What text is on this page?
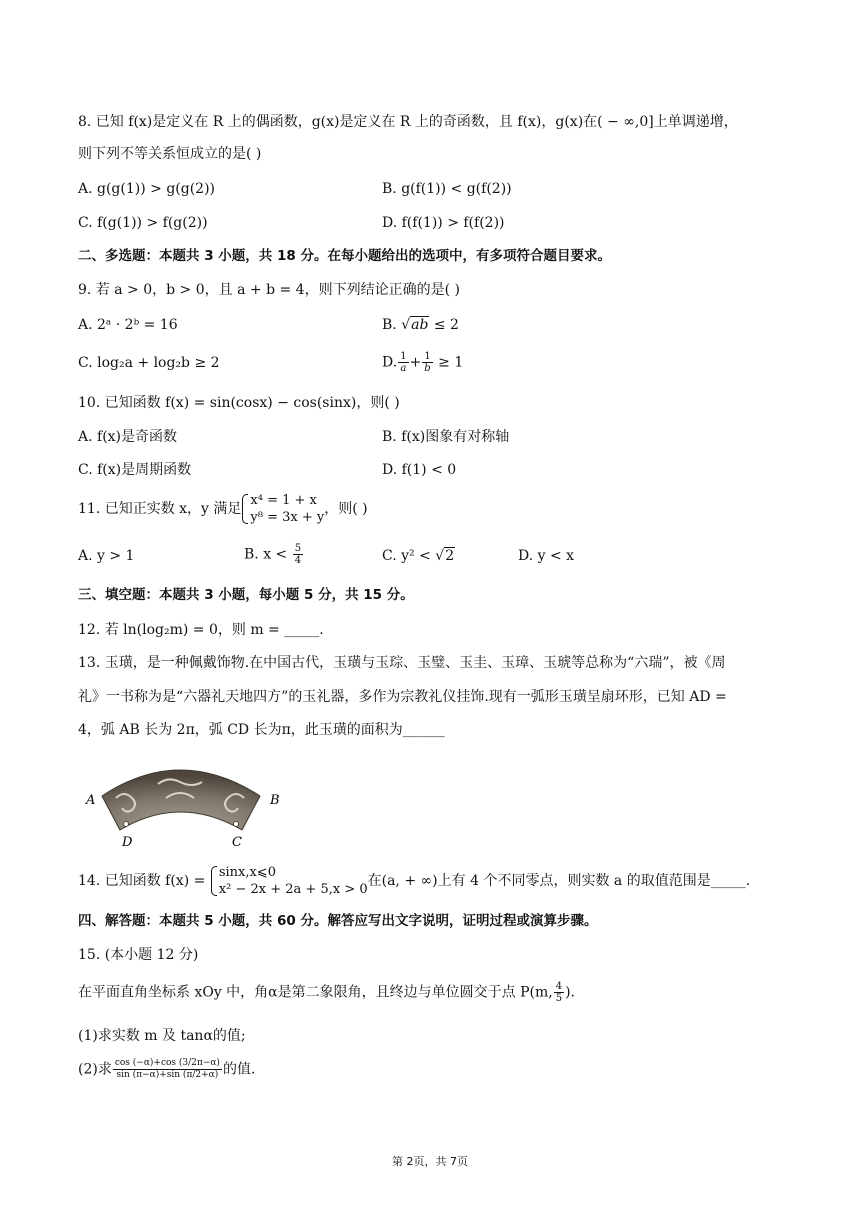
8. 已知 f(x)是定义在 R 上的偶函数，g(x)是定义在 R 上的奇函数，且 f(x)，g(x)在( − ∞,0]上单调递增，
则下列不等关系恒成立的是( )
A. g(g(1)) > g(g(2))	B. g(f(1)) < g(f(2))
C. f(g(1)) > f(g(2))	D. f(f(1)) > f(f(2))
二、多选题：本题共 3 小题，共 18 分。在每小题给出的选项中，有多项符合题目要求。
9. 若 a > 0，b > 0，且 a + b = 4，则下列结论正确的是( )
A. 2ᵃ · 2ᵇ = 16	B. √ab ≤ 2
C. log₂a + log₂b ≥ 2	D. $\frac{1}{a} + \frac{1}{b} \ge 1$
10. 已知函数 f(x) = sin(cosx) − cos(sinx)，则( )
A. f(x)是奇函数	B. f(x)图象有对称轴
C. f(x)是周期函数	D. f(1) < 0
11. 已知正实数 x，y 满足
x⁴ = 1 + x
y⁸ = 3x + y
，则( )
A. y > 1	B. $x < \frac{5}{4}$	C. y² < √2	D. y < x
三、填空题：本题共 3 小题，每小题 5 分，共 15 分。
12. 若 ln(log₂m) = 0，则 m = _____.
13. 玉璜，是一种佩戴饰物.在中国古代，玉璜与玉琮、玉璧、玉圭、玉璋、玉琥等总称为“六瑞”，被《周
礼》一书称为是“六器礼天地四方”的玉礼器，多作为宗教礼仪挂饰.现有一弧形玉璜呈扇环形，已知 AD =
4，弧 AB 长为 2π，弧 CD 长为π，此玉璜的面积为______
A	B
D	C
14. 已知函数 f(x) =
sinx,x⩽0
x² − 2x + 2a + 5,x > 0
在(a, + ∞)上有 4 个不同零点，则实数 a 的取值范围是_____.
四、解答题：本题共 5 小题，共 60 分。解答应写出文字说明，证明过程或演算步骤。
15. (本小题 12 分)
在平面直角坐标系 xOy 中，角α是第二象限角，且终边与单位圆交于点 P(m, $\frac{4}{5}$ ).
(1)求实数 m 及 tanα的值;
(2)求 $\frac{\cos (-\alpha)+\cos (3/2\pi-\alpha)}{\sin (\pi-\alpha)+\sin (\pi/2+\alpha)}$ 的值.
第 2页，共 7页
